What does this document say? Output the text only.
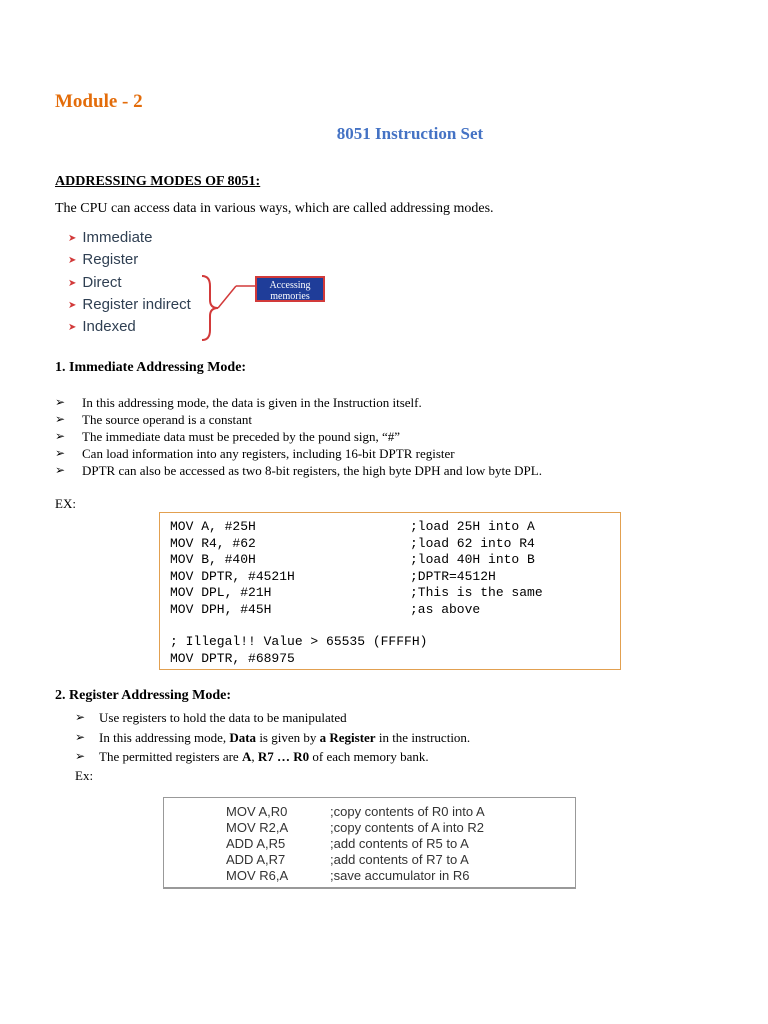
Module - 2
8051 Instruction Set
ADDRESSING MODES OF 8051:
The CPU can access data in various ways, which are called addressing modes.
➤ Immediate
➤ Register
➤ Direct
➤ Register indirect
➤ Indexed
Accessing memories
1. Immediate Addressing Mode:
➢ In this addressing mode, the data is given in the Instruction itself.
➢ The source operand is a constant
➢ The immediate data must be preceded by the pound sign, “#”
➢ Can load information into any registers, including 16-bit DPTR register
➢ DPTR can also be accessed as two 8-bit registers, the high byte DPH and low byte DPL.
EX:
MOV A, #25H	;load 25H into A
MOV R4, #62	;load 62 into R4
MOV B, #40H	;load 40H into B
MOV DPTR, #4521H	;DPTR=4512H
MOV DPL, #21H	;This is the same
MOV DPH, #45H	;as above
; Illegal!! Value > 65535 (FFFFH)
MOV DPTR, #68975
2. Register Addressing Mode:
➢ Use registers to hold the data to be manipulated
➢ In this addressing mode, Data is given by a Register in the instruction.
➢ The permitted registers are A, R7 … R0 of each memory bank.
Ex:
MOV A,R0	;copy contents of R0 into A
MOV R2,A	;copy contents of A into R2
ADD A,R5	;add contents of R5 to A
ADD A,R7	;add contents of R7 to A
MOV R6,A	;save accumulator in R6
